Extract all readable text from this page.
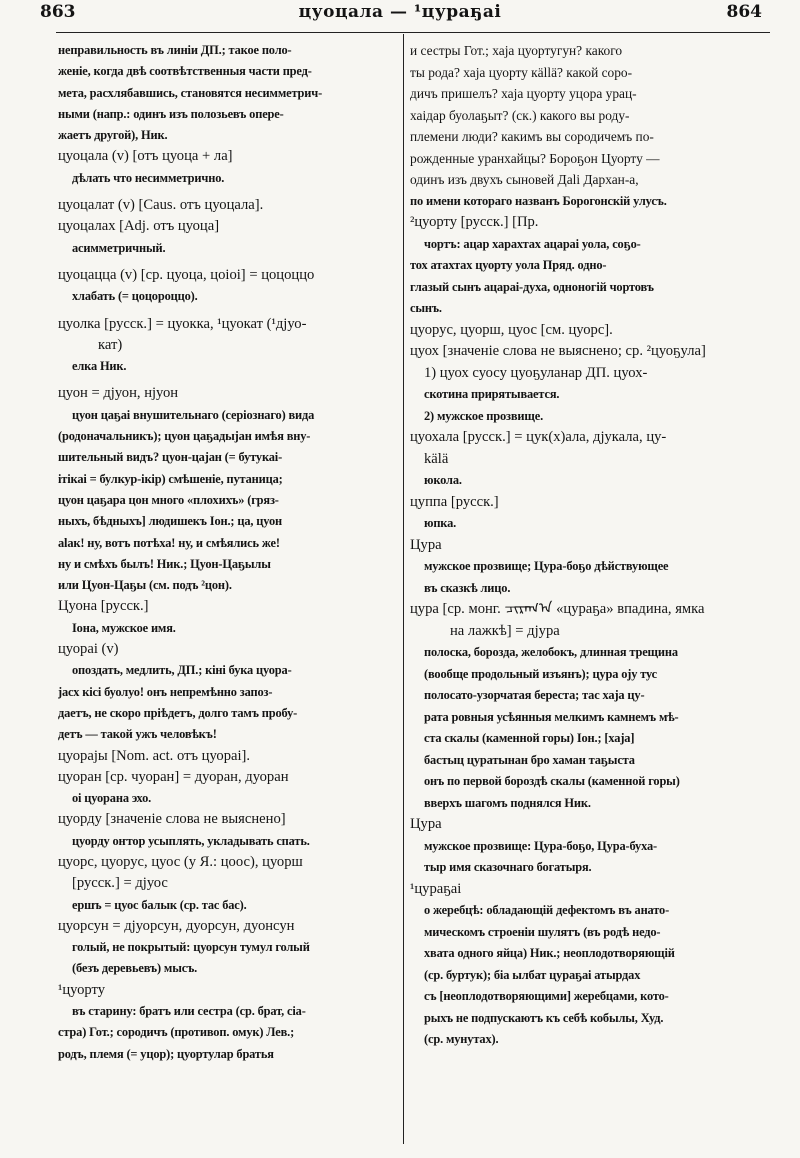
863	цуоцала — ¹цураҕаі	864
неправильность въ линіи ДП.; такое поло-
женіе, когда двѣ соотвѣтственныя части пред-
мета, расхлябавшись, становятся несимметрич-
ными (напр.: одинъ изъ полозьевъ опере-
жаетъ другой), Ник.
цуоцала (v) [отъ цуоца + ла]
дѣлать что несимметрично.
цуоцалат (v) [Caus. отъ цуоцала].
цуоцалах [Adj. отъ цуоца]
асимметричный.
цуоцацца (v) [ср. цуоца, цоіоі] = цоцоццо
хлабать (= цоцороццо).
цуолка [русск.] = цуокка, ¹цуокат (¹дјуо-
кат)
елка Ник.
цуон = дјуон, нјуон
цуон цаҕаі внушительнаго (серіознаго) вида
(родоначальникъ); цуон цаҕадыјан имѣя вну-
шительный видъ? цуон-цајан (= бутукаі-
ітікаі = булкур-ікір) смѣшеніе, путаница;
цуон цаҕара цон много «плохихъ» (гряз-
ныхъ, бѣдныхъ] людишекъ Іон.; ца, цуон
аlак! ну, вотъ потѣха! ну, и смѣялись же!
ну и смѣхъ былъ! Ник.; Цуон-Цаҕылы
или Цуон-Цаҕы (см. подъ ²цон).
Цуона [русск.]
Іона, мужское имя.
цуораі (v)
опоздать, медлить, ДП.; кіні бука цуора-
јасх кісі буолуо! онъ непремѣнно запоз-
даетъ, не скоро пріѣдетъ, долго тамъ пробу-
детъ — такой ужъ человѣкъ!
цуорајы [Nom. act. отъ цуораі].
цуоран [ср. чуоран] = дуоран, дуоран
оі цуорана эхо.
цуорду [значеніе слова не выяснено]
цуорду оҥтор усыплять, укладывать спать.
цуорс, цуорус, цуос (у Я.: цоос), цуорш
[русск.] = дјуос
ершъ = цуос балык (ср. тас бас).
цуорсун = дјуорсун, дуорсун, дуонсун
голый, не покрытый: цуорсун тумул голый
(безъ деревьевъ) мысъ.
¹цуорту
въ старину: братъ или сестра (ср. брат, сіа-
стра) Гот.; сородичъ (противоп. омук) Лев.;
родъ, племя (= уцор); цуортулар братья
и сестры Гот.; хаја цуортугун? какого
ты рода? хаја цуорту кällä? какой соро-
дичъ пришелъ? хаја цуорту уцора урац-
хаідар буолаҕыт? (ск.) какого вы роду-
племени люди? какимъ вы сородичемъ по-
рожденные уранхайцы? Бороҕон Цуорту —
одинъ изъ двухъ сыновей Даlі Дархан-а,
по имени котораго названъ Борогонскій улусъ.
²цуорту [русск.] [Пр.
чортъ: ацар харахтах ацараі уола, соҕо-
тох атахтах цуорту уола Пряд. одно-
глазый сынъ ацараі-духа, одноногій чортовъ
сынъ.
цуорус, цуорш, цуос [см. цуорс].
цуох [значеніе слова не выяснено; ср. ²цуоҕула]
1) цуох суосу цуоҕуланар ДП. цуох-
скотина прирятывается.
2) мужское прозвище.
цуохала [русск.] = цук(х)ала, дјукала, цу-
kälä
юкола.
цуппа [русск.]
юпка.
Цура
мужское прозвище; Цура-боҕо дѣйствующее
въ сказкѣ лицо.
цура [ср. монг. ᠴᠢᠷᠠᠭ᠎ᠠ «цураҕа» впадина, ямка
на лажкѣ] = дјура
полоска, борозда, желобокъ, длинная трещина
(вообще продольный изъянъ); цура оју тус
полосато-узорчатая береста; тас хаја цу-
рата ровныя усѣянныя мелкимъ камнемъ мѣ-
ста скалы (каменной горы) Іон.; [хаја]
бастыц цуратынан бро хаман таҕыста
онъ по первой бороздѣ скалы (каменной горы)
вверхъ шагомъ поднялся Ник.
Цура
мужское прозвище: Цура-боҕо, Цура-буха-
тыр имя сказочнаго богатыря.
¹цураҕаі
о жеребцѣ: обладающій дефектомъ въ анато-
мическомъ строеніи шулятъ (въ родѣ недо-
хвата одного яйца) Ник.; неоплодотворяющій
(ср. буртук); біа ылбат цураҕаі атырдах
съ [неоплодотворяющими] жеребцами, кото-
рыхъ не подпускаютъ къ себѣ кобылы, Худ.
(ср. мунутах).
